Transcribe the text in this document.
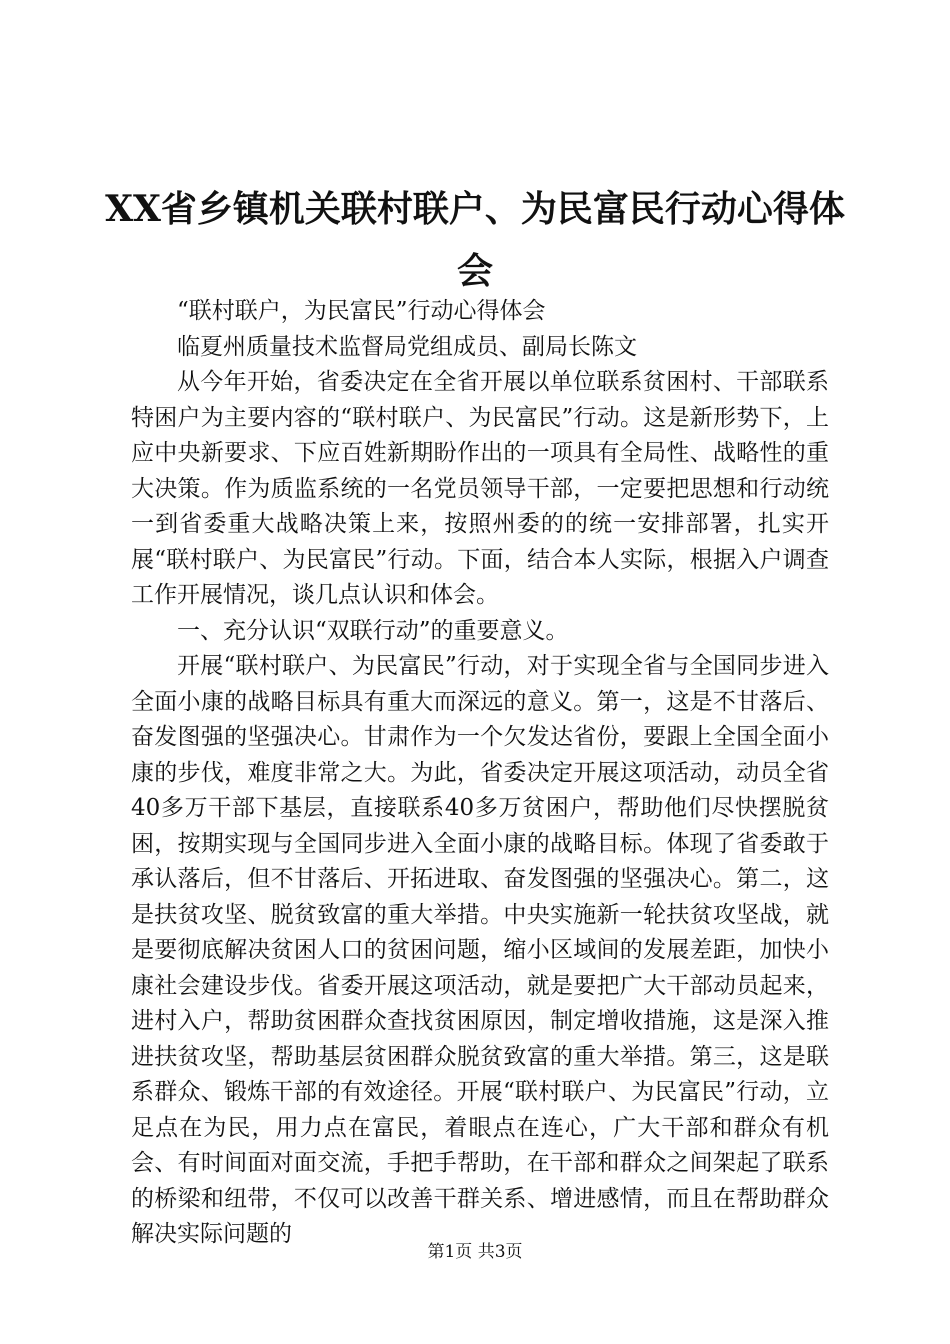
XX省乡镇机关联村联户、为民富民行动心得体会

“联村联户，为民富民”行动心得体会

临夏州质量技术监督局党组成员、副局长陈文

从今年开始，省委决定在全省开展以单位联系贫困村、干部联系特困户为主要内容的“联村联户、为民富民”行动。这是新形势下，上应中央新要求、下应百姓新期盼作出的一项具有全局性、战略性的重大决策。作为质监系统的一名党员领导干部，一定要把思想和行动统一到省委重大战略决策上来，按照州委的的统一安排部署，扎实开展“联村联户、为民富民”行动。下面，结合本人实际，根据入户调查工作开展情况，谈几点认识和体会。

一、充分认识“双联行动”的重要意义。

开展“联村联户、为民富民”行动，对于实现全省与全国同步进入全面小康的战略目标具有重大而深远的意义。第一，这是不甘落后、奋发图强的坚强决心。甘肃作为一个欠发达省份，要跟上全国全面小康的步伐，难度非常之大。为此，省委决定开展这项活动，动员全省40多万干部下基层，直接联系40多万贫困户，帮助他们尽快摆脱贫困，按期实现与全国同步进入全面小康的战略目标。体现了省委敢于承认落后，但不甘落后、开拓进取、奋发图强的坚强决心。第二，这是扶贫攻坚、脱贫致富的重大举措。中央实施新一轮扶贫攻坚战，就是要彻底解决贫困人口的贫困问题，缩小区域间的发展差距，加快小康社会建设步伐。省委开展这项活动，就是要把广大干部动员起来，进村入户，帮助贫困群众查找贫困原因，制定增收措施，这是深入推进扶贫攻坚，帮助基层贫困群众脱贫致富的重大举措。第三，这是联系群众、锻炼干部的有效途径。开展“联村联户、为民富民”行动，立足点在为民，用力点在富民，着眼点在连心，广大干部和群众有机会、有时间面对面交流，手把手帮助，在干部和群众之间架起了联系的桥梁和纽带，不仅可以改善干群关系、增进感情，而且在帮助群众解决实际问题的

第1页 共3页
